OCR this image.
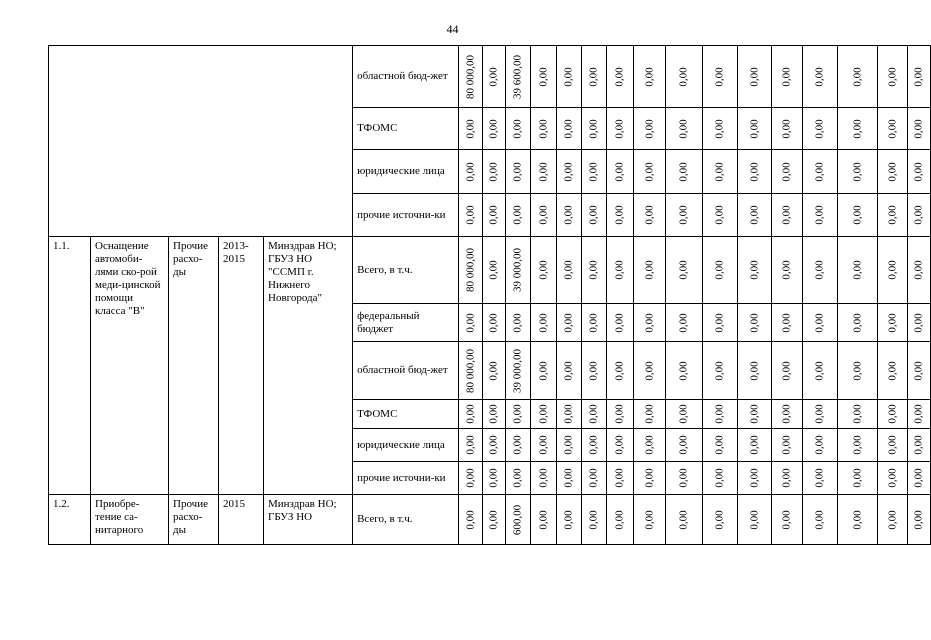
44
					областной бюд-жет	80 000,00	0,00	39 600,00	0,00	0,00	0,00	0,00	0,00	0,00	0,00	0,00	0,00	0,00	0,00	0,00	0,00

					ТФОМС	0,00	0,00	0,00	0,00	0,00	0,00	0,00	0,00	0,00	0,00	0,00	0,00	0,00	0,00	0,00	0,00

					юридические лица	0,00	0,00	0,00	0,00	0,00	0,00	0,00	0,00	0,00	0,00	0,00	0,00	0,00	0,00	0,00	0,00

					прочие источни-ки	0,00	0,00	0,00	0,00	0,00	0,00	0,00	0,00	0,00	0,00	0,00	0,00	0,00	0,00	0,00	0,00

1.1.	Оснащение автомоби-лями ско-рой меди-цинской помощи класса "B"	Прочие расхо-ды	2013-2015	Минздрав НО; ГБУЗ НО "ССМП г. Нижнего Новгорода"	Всего, в т.ч.	80 000,00	0,00	39 000,00	0,00	0,00	0,00	0,00	0,00	0,00	0,00	0,00	0,00	0,00	0,00	0,00	0,00

					федеральный бюджет	0,00	0,00	0,00	0,00	0,00	0,00	0,00	0,00	0,00	0,00	0,00	0,00	0,00	0,00	0,00	0,00

					областной бюд-жет	80 000,00	0,00	39 000,00	0,00	0,00	0,00	0,00	0,00	0,00	0,00	0,00	0,00	0,00	0,00	0,00	0,00

					ТФОМС	0,00	0,00	0,00	0,00	0,00	0,00	0,00	0,00	0,00	0,00	0,00	0,00	0,00	0,00	0,00	0,00

					юридические лица	0,00	0,00	0,00	0,00	0,00	0,00	0,00	0,00	0,00	0,00	0,00	0,00	0,00	0,00	0,00	0,00

					прочие источни-ки	0,00	0,00	0,00	0,00	0,00	0,00	0,00	0,00	0,00	0,00	0,00	0,00	0,00	0,00	0,00	0,00

1.2.	Приобре-тение са-нитарного	Прочие расхо-ды	2015	Минздрав НО; ГБУЗ НО	Всего, в т.ч.	0,00	0,00	600,00	0,00	0,00	0,00	0,00	0,00	0,00	0,00	0,00	0,00	0,00	0,00	0,00	0,00
